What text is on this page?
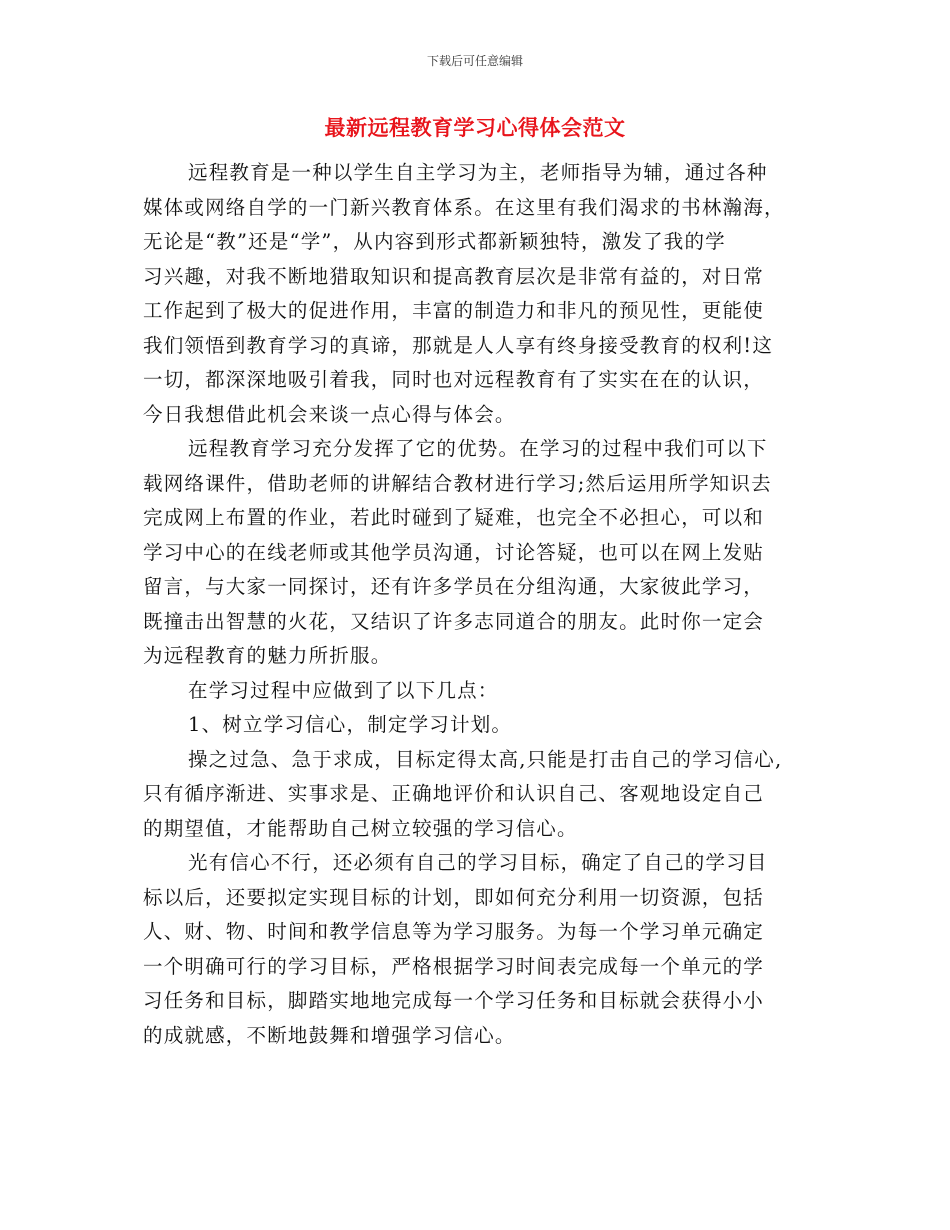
下载后可任意编辑
最新远程教育学习心得体会范文
远程教育是一种以学生自主学习为主，老师指导为辅，通过各种
媒体或网络自学的一门新兴教育体系。在这里有我们渴求的书林瀚海，
无论是“教”还是“学”，从内容到形式都新颖独特，激发了我的学
习兴趣，对我不断地猎取知识和提高教育层次是非常有益的，对日常
工作起到了极大的促进作用，丰富的制造力和非凡的预见性，更能使
我们领悟到教育学习的真谛，那就是人人享有终身接受教育的权利!这
一切，都深深地吸引着我，同时也对远程教育有了实实在在的认识，
今日我想借此机会来谈一点心得与体会。
远程教育学习充分发挥了它的优势。在学习的过程中我们可以下
载网络课件，借助老师的讲解结合教材进行学习;然后运用所学知识去
完成网上布置的作业，若此时碰到了疑难，也完全不必担心，可以和
学习中心的在线老师或其他学员沟通，讨论答疑，也可以在网上发贴
留言，与大家一同探讨，还有许多学员在分组沟通，大家彼此学习，
既撞击出智慧的火花，又结识了许多志同道合的朋友。此时你一定会
为远程教育的魅力所折服。
在学习过程中应做到了以下几点：
1、树立学习信心，制定学习计划。
操之过急、急于求成，目标定得太高,只能是打击自己的学习信心,
只有循序渐进、实事求是、正确地评价和认识自己、客观地设定自己
的期望值，才能帮助自己树立较强的学习信心。
光有信心不行，还必须有自己的学习目标，确定了自己的学习目
标以后，还要拟定实现目标的计划，即如何充分利用一切资源，包括
人、财、物、时间和教学信息等为学习服务。为每一个学习单元确定
一个明确可行的学习目标，严格根据学习时间表完成每一个单元的学
习任务和目标，脚踏实地地完成每一个学习任务和目标就会获得小小
的成就感，不断地鼓舞和增强学习信心。
